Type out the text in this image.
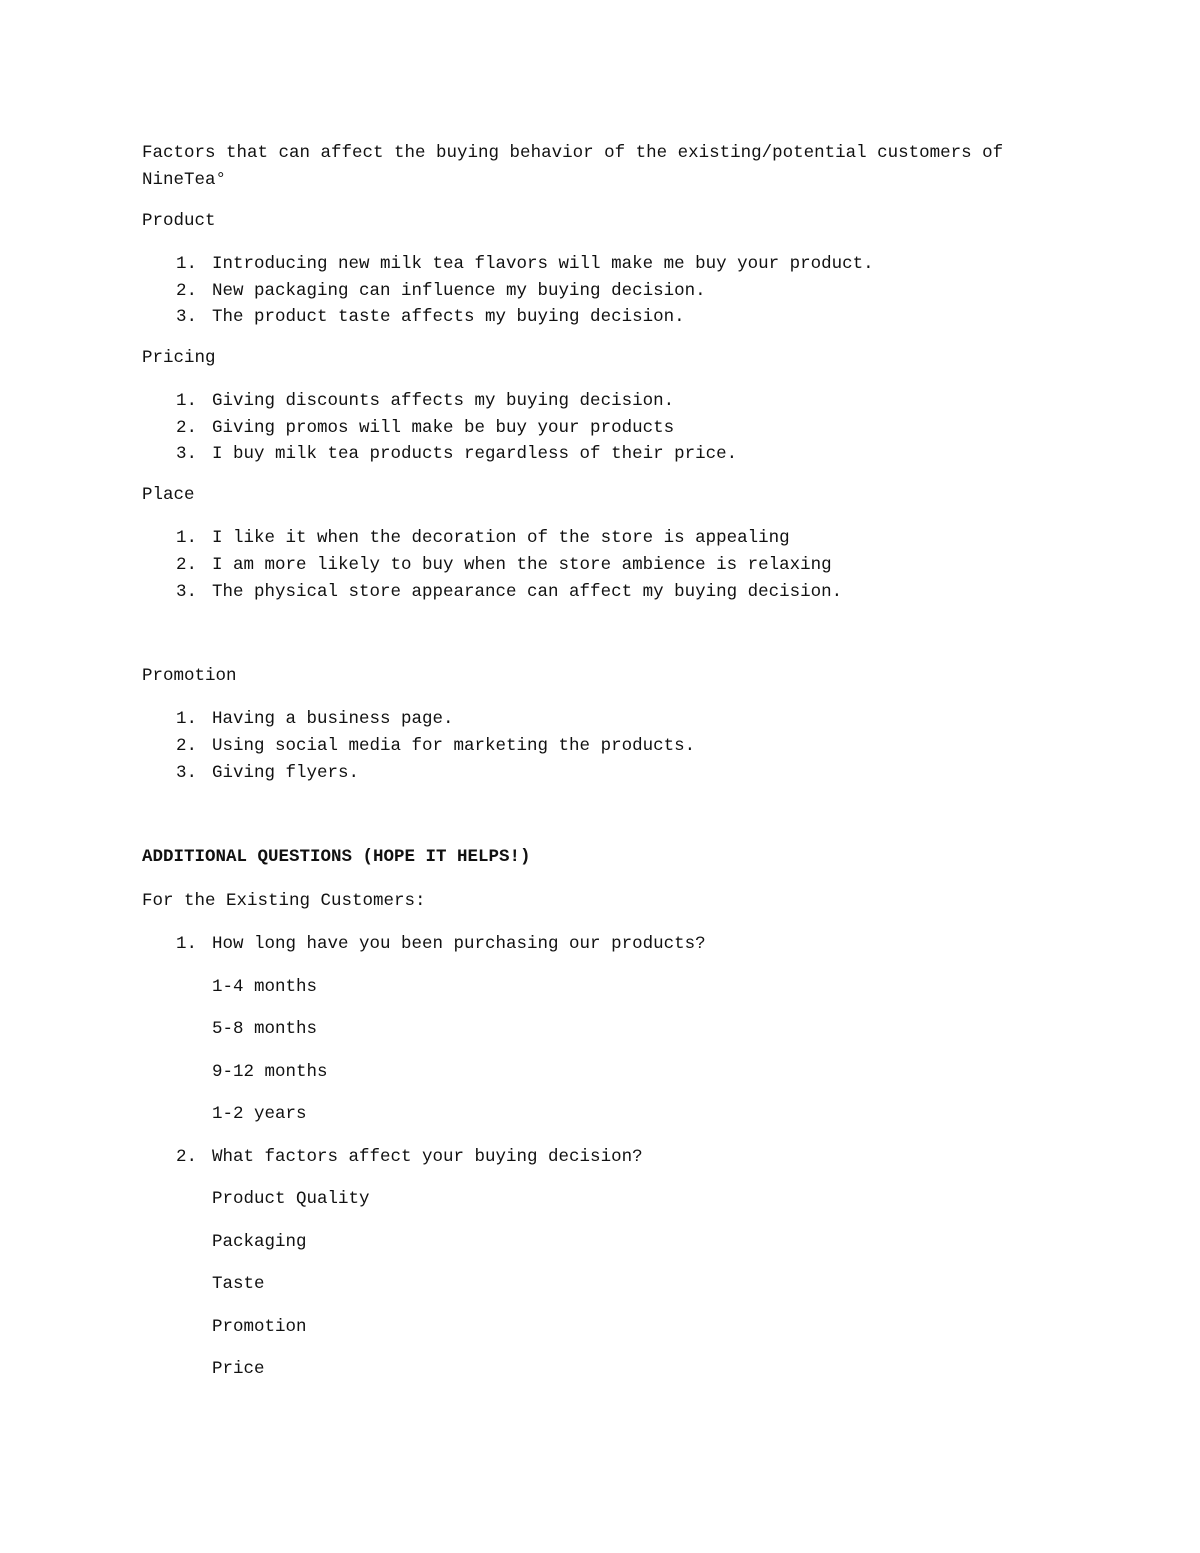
Factors that can affect the buying behavior of the existing/potential customers of NineTea°

Product
1. Introducing new milk tea flavors will make me buy your product.
2. New packaging can influence my buying decision.
3. The product taste affects my buying decision.
Pricing
1. Giving discounts affects my buying decision.
2. Giving promos will make be buy your products
3. I buy milk tea products regardless of their price.
Place
1. I like it when the decoration of the store is appealing
2. I am more likely to buy when the store ambience is relaxing
3. The physical store appearance can affect my buying decision.
Promotion
1. Having a business page.
2. Using social media for marketing the products.
3. Giving flyers.
ADDITIONAL QUESTIONS (HOPE IT HELPS!)
For the Existing Customers:
1. How long have you been purchasing our products?
1-4 months
5-8 months
9-12 months
1-2 years
2. What factors affect your buying decision?
Product Quality
Packaging
Taste
Promotion
Price
